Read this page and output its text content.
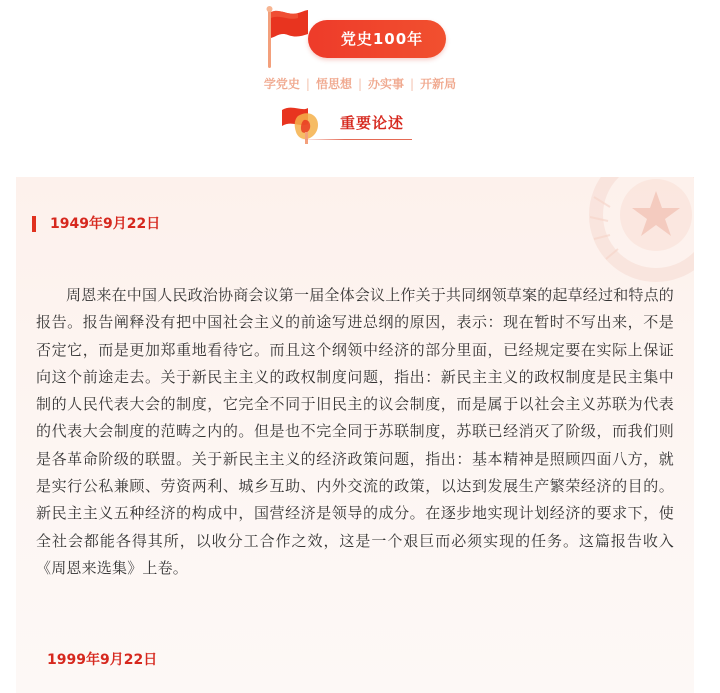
党史100年
学党史 | 悟思想 | 办实事 | 开新局
重要论述
1949年9月22日
周恩来在中国人民政治协商会议第一届全体会议上作关于共同纲领草案的起草经过和特点的报告。报告阐释没有把中国社会主义的前途写进总纲的原因，表示：现在暂时不写出来，不是否定它，而是更加郑重地看待它。而且这个纲领中经济的部分里面，已经规定要在实际上保证向这个前途走去。关于新民主主义的政权制度问题，指出：新民主主义的政权制度是民主集中制的人民代表大会的制度，它完全不同于旧民主的议会制度，而是属于以社会主义苏联为代表的代表大会制度的范畴之内的。但是也不完全同于苏联制度，苏联已经消灭了阶级，而我们则是各革命阶级的联盟。关于新民主主义的经济政策问题，指出：基本精神是照顾四面八方，就是实行公私兼顾、劳资两利、城乡互助、内外交流的政策，以达到发展生产繁荣经济的目的。新民主主义五种经济的构成中，国营经济是领导的成分。在逐步地实现计划经济的要求下，使全社会都能各得其所，以收分工合作之效，这是一个艰巨而必须实现的任务。这篇报告收入《周恩来选集》上卷。
1999年9月22日
